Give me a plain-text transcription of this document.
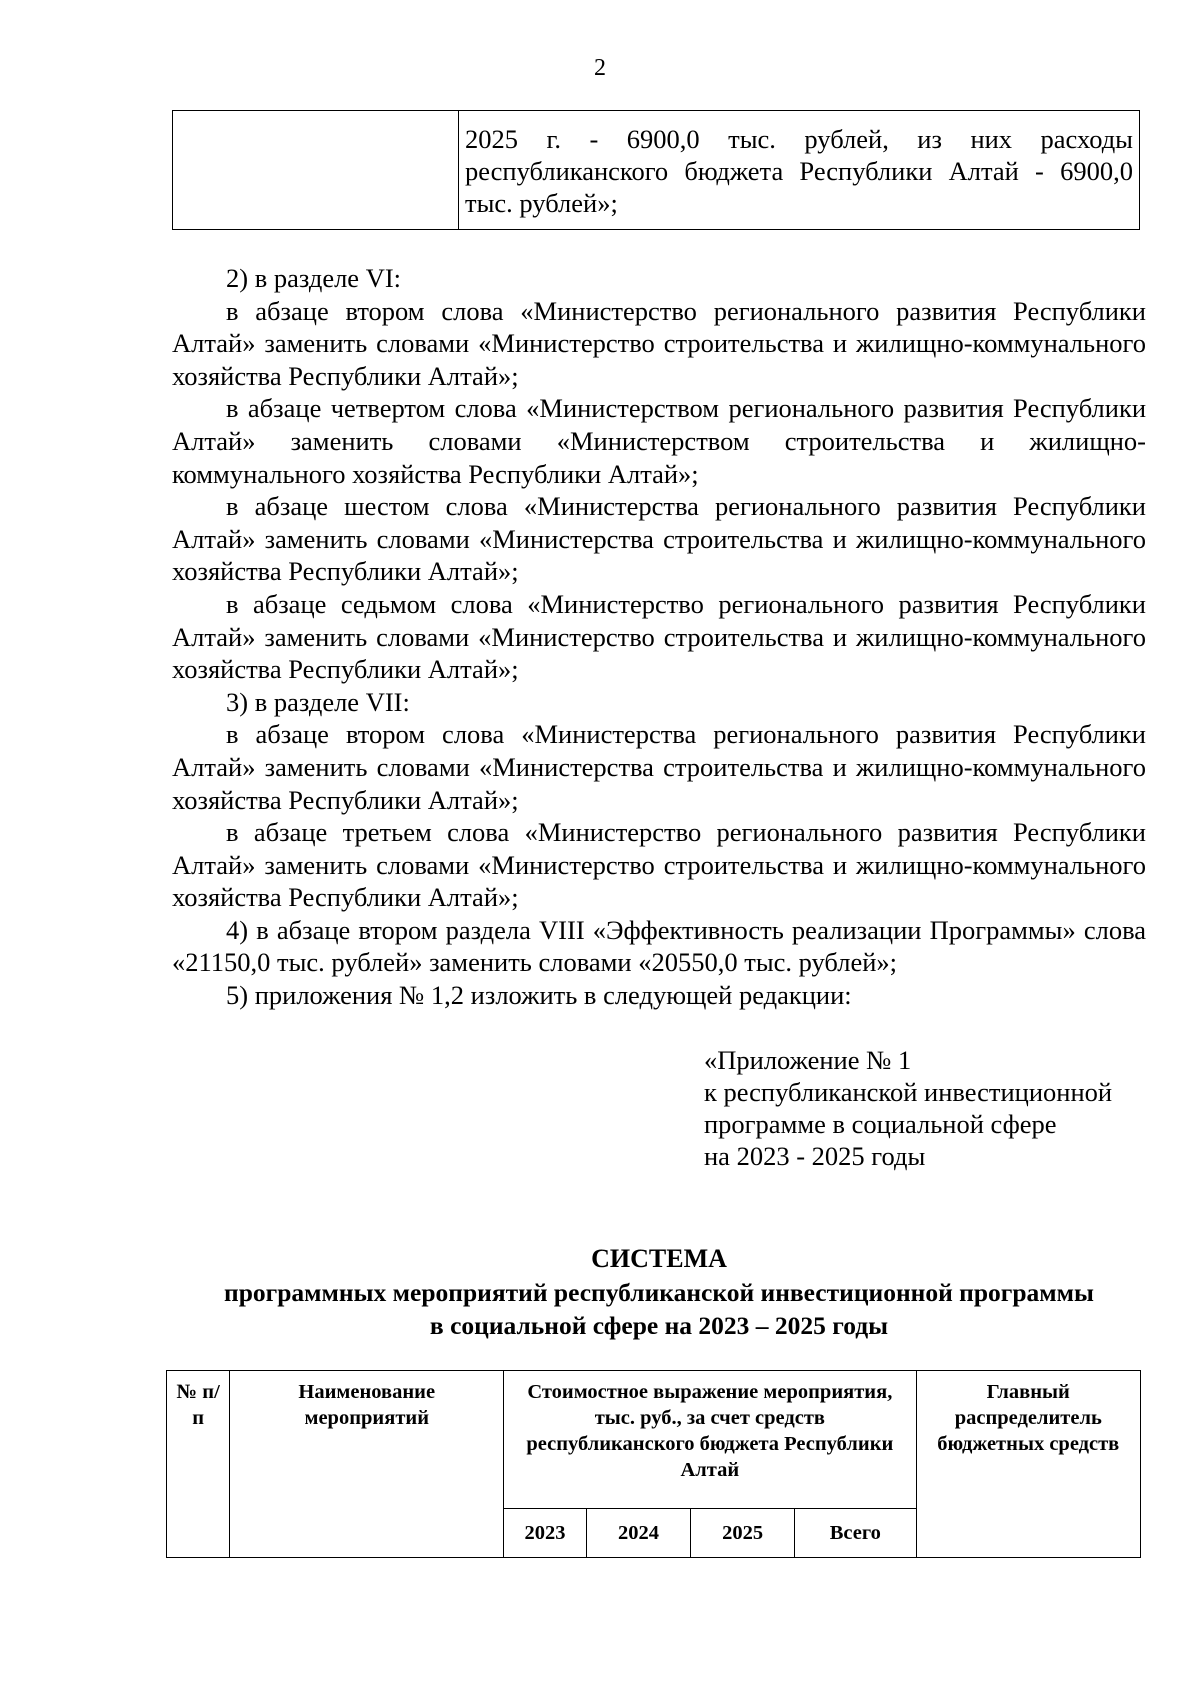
2
	2025 г. - 6900,0 тыс. рублей, из них расходы республиканского бюджета Республики Алтай - 6900,0 тыс. рублей»;

2) в разделе VI:

в абзаце втором слова «Министерство регионального развития Республики Алтай» заменить словами «Министерство строительства и жилищно-коммунального хозяйства Республики Алтай»;

в абзаце четвертом слова «Министерством регионального развития Республики Алтай» заменить словами «Министерством строительства и жилищно-коммунального хозяйства Республики Алтай»;

в абзаце шестом слова «Министерства регионального развития Республики Алтай» заменить словами «Министерства строительства и жилищно-коммунального хозяйства Республики Алтай»;

в абзаце седьмом слова «Министерство регионального развития Республики Алтай» заменить словами «Министерство строительства и жилищно-коммунального хозяйства Республики Алтай»;

3) в разделе VII:

в абзаце втором слова «Министерства регионального развития Республики Алтай» заменить словами «Министерства строительства и жилищно-коммунального хозяйства Республики Алтай»;

в абзаце третьем слова «Министерство регионального развития Республики Алтай» заменить словами «Министерство строительства и жилищно-коммунального хозяйства Республики Алтай»;

4) в абзаце втором раздела VIII «Эффективность реализации Программы» слова «21150,0 тыс. рублей» заменить словами «20550,0 тыс. рублей»;

5) приложения № 1,2 изложить в следующей редакции:

«Приложение № 1
к республиканской инвестиционной
программе в социальной сфере
на 2023 - 2025 годы
СИСТЕМА
программных мероприятий республиканской инвестиционной программы
в социальной сфере на 2023 – 2025 годы
№ п/п	Наименование мероприятий	Стоимостное выражение мероприятия, тыс. руб., за счет средств республиканского бюджета Республики Алтай				Главный распределитель бюджетных средств
		2023	2024	2025	Всего	
